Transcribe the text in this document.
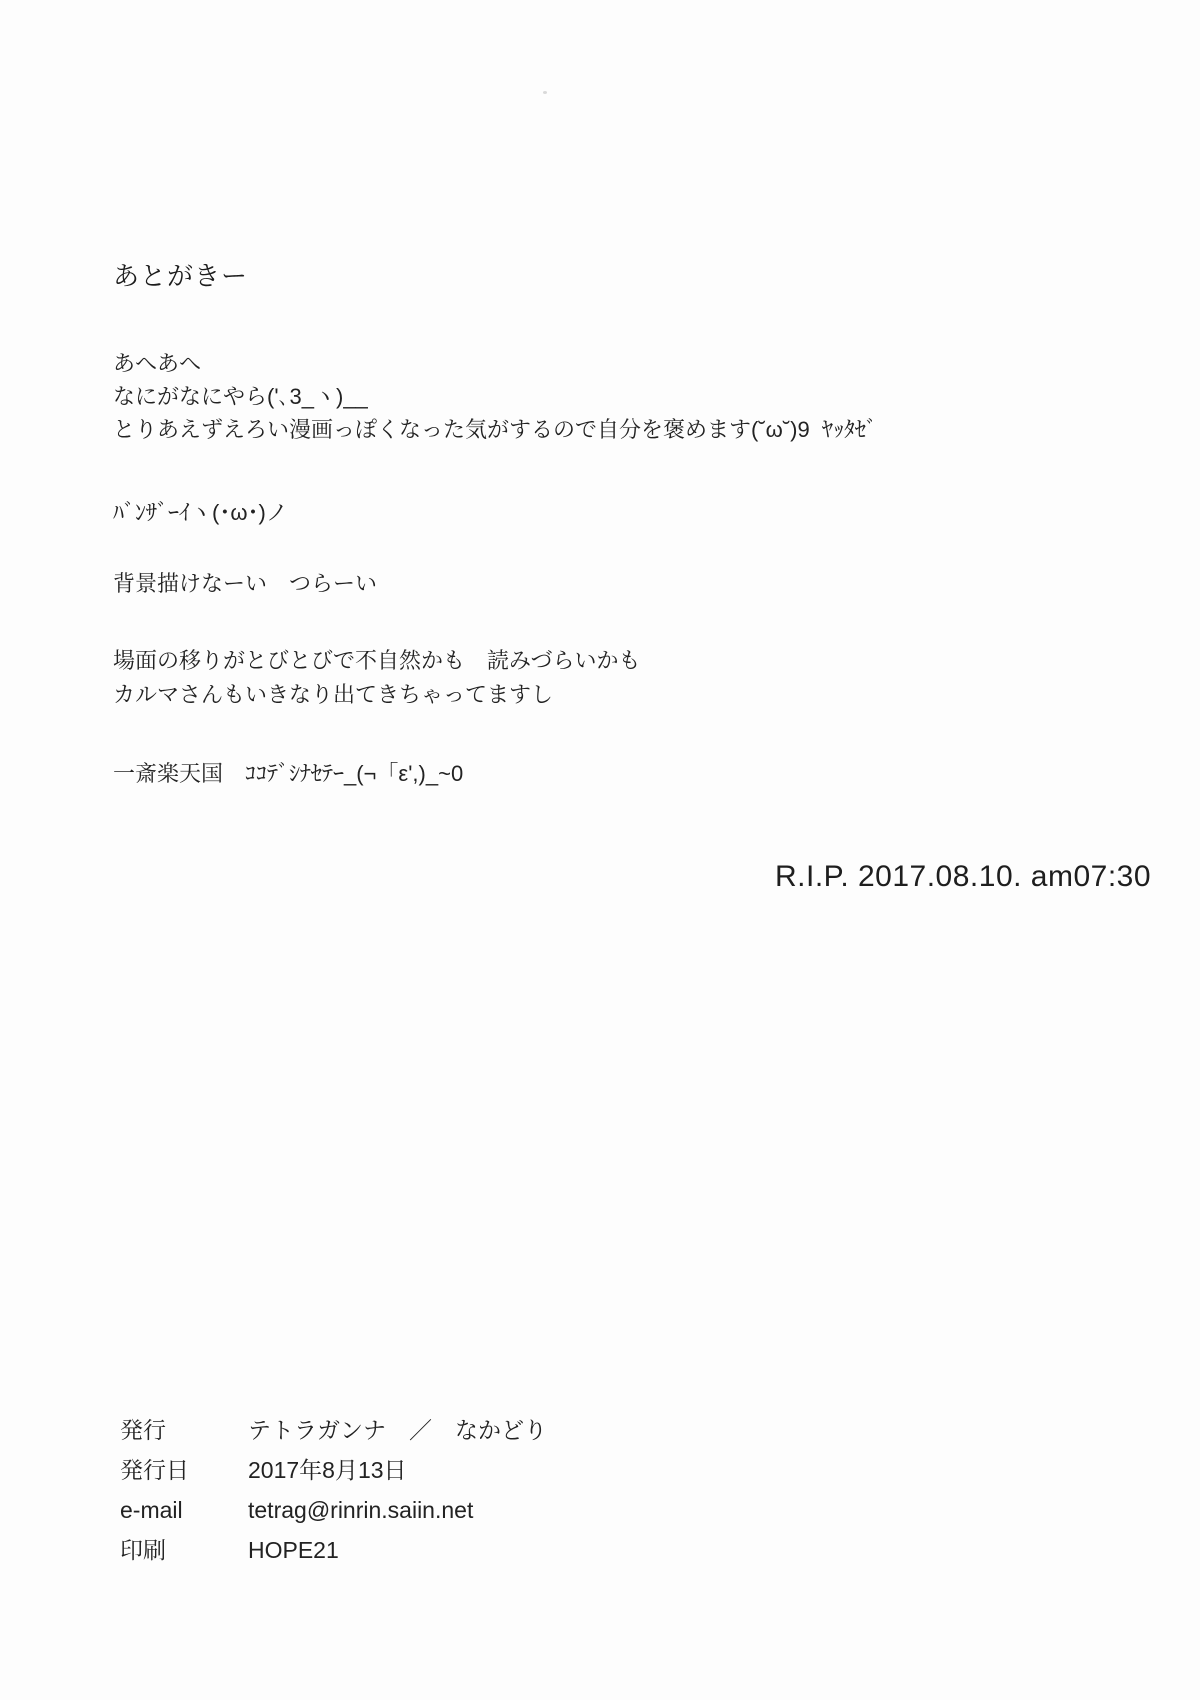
あとがきー
あへあへ
なにがなにやら('､3_ヽ)__
とりあえずえろい漫画っぽくなった気がするので自分を褒めます(˘ω˘)9  ﾔｯﾀｾﾞ
ﾊﾞﾝｻﾞｰｲヽ(･ω･)ノ
背景描けなーい　つらーい
場面の移りがとびとびで不自然かも　読みづらいかも
カルマさんもいきなり出てきちゃってますし
一斎楽天国　ｺｺﾃﾞｼﾅｾﾃｰ_(¬「ε',)_~0
R.I.P. 2017.08.10. am07:30
発行	テトラガンナ　／　なかどり
発行日	2017年8月13日
e-mail	tetrag@rinrin.saiin.net
印刷	HOPE21
